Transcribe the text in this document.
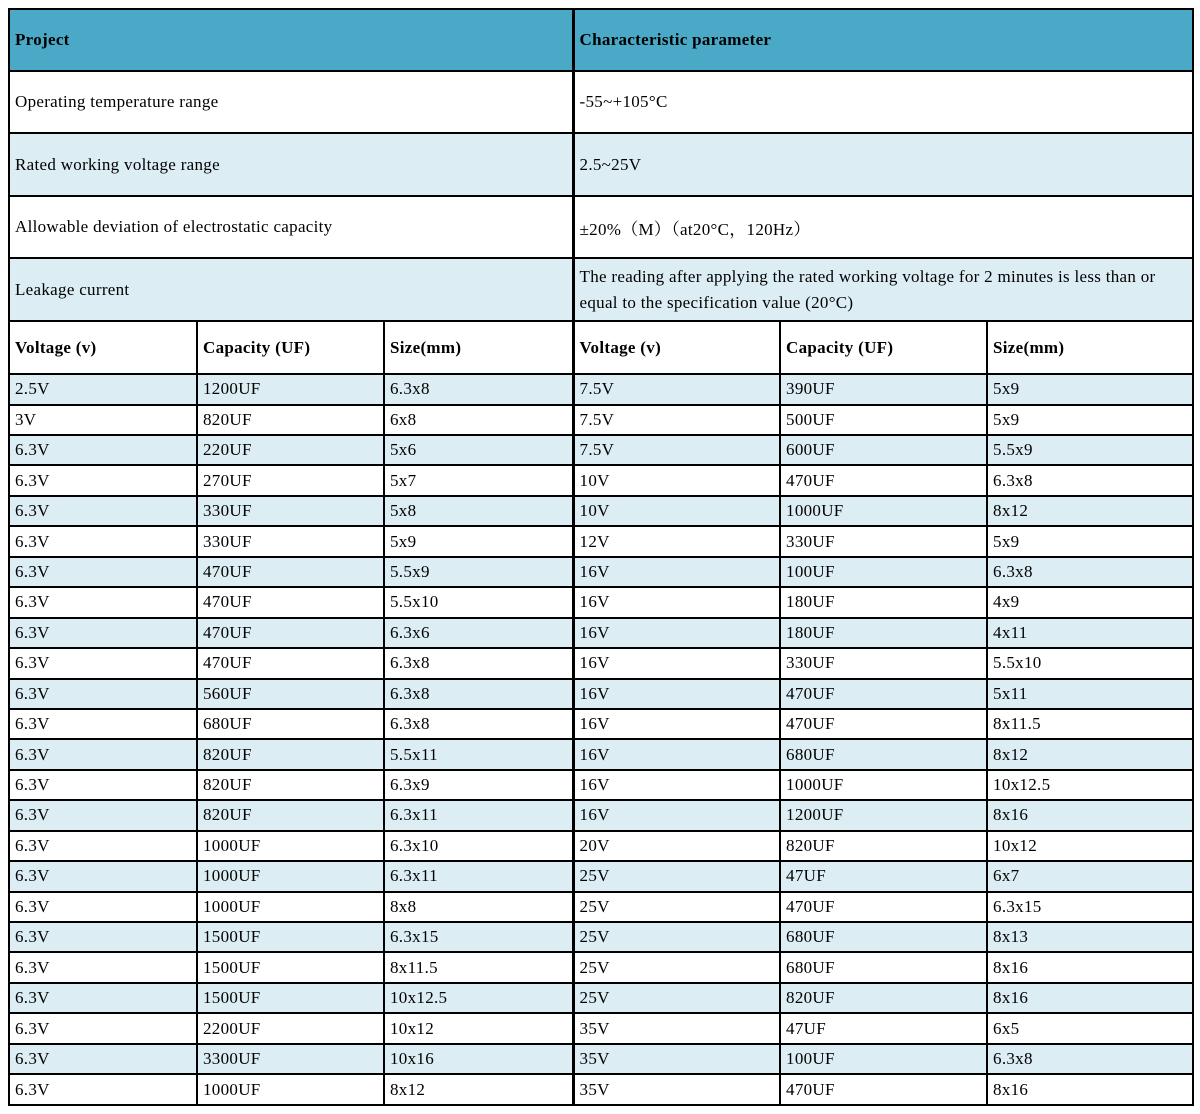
Project			Characteristic parameter		
Operating temperature range			-55~+105°C		
Rated working voltage range			2.5~25V		
Allowable deviation of electrostatic capacity			±20%（M）（at20°C，120Hz）		
Leakage current			The reading after applying the rated working voltage for 2 minutes is less than or equal to the specification value (20°C)		
Voltage (v)	Capacity (UF)	Size(mm)	Voltage (v)	Capacity (UF)	Size(mm)
2.5V	1200UF	6.3x8	7.5V	390UF	5x9
3V	820UF	6x8	7.5V	500UF	5x9
6.3V	220UF	5x6	7.5V	600UF	5.5x9
6.3V	270UF	5x7	10V	470UF	6.3x8
6.3V	330UF	5x8	10V	1000UF	8x12
6.3V	330UF	5x9	12V	330UF	5x9
6.3V	470UF	5.5x9	16V	100UF	6.3x8
6.3V	470UF	5.5x10	16V	180UF	4x9
6.3V	470UF	6.3x6	16V	180UF	4x11
6.3V	470UF	6.3x8	16V	330UF	5.5x10
6.3V	560UF	6.3x8	16V	470UF	5x11
6.3V	680UF	6.3x8	16V	470UF	8x11.5
6.3V	820UF	5.5x11	16V	680UF	8x12
6.3V	820UF	6.3x9	16V	1000UF	10x12.5
6.3V	820UF	6.3x11	16V	1200UF	8x16
6.3V	1000UF	6.3x10	20V	820UF	10x12
6.3V	1000UF	6.3x11	25V	47UF	6x7
6.3V	1000UF	8x8	25V	470UF	6.3x15
6.3V	1500UF	6.3x15	25V	680UF	8x13
6.3V	1500UF	8x11.5	25V	680UF	8x16
6.3V	1500UF	10x12.5	25V	820UF	8x16
6.3V	2200UF	10x12	35V	47UF	6x5
6.3V	3300UF	10x16	35V	100UF	6.3x8
6.3V	1000UF	8x12	35V	470UF	8x16
